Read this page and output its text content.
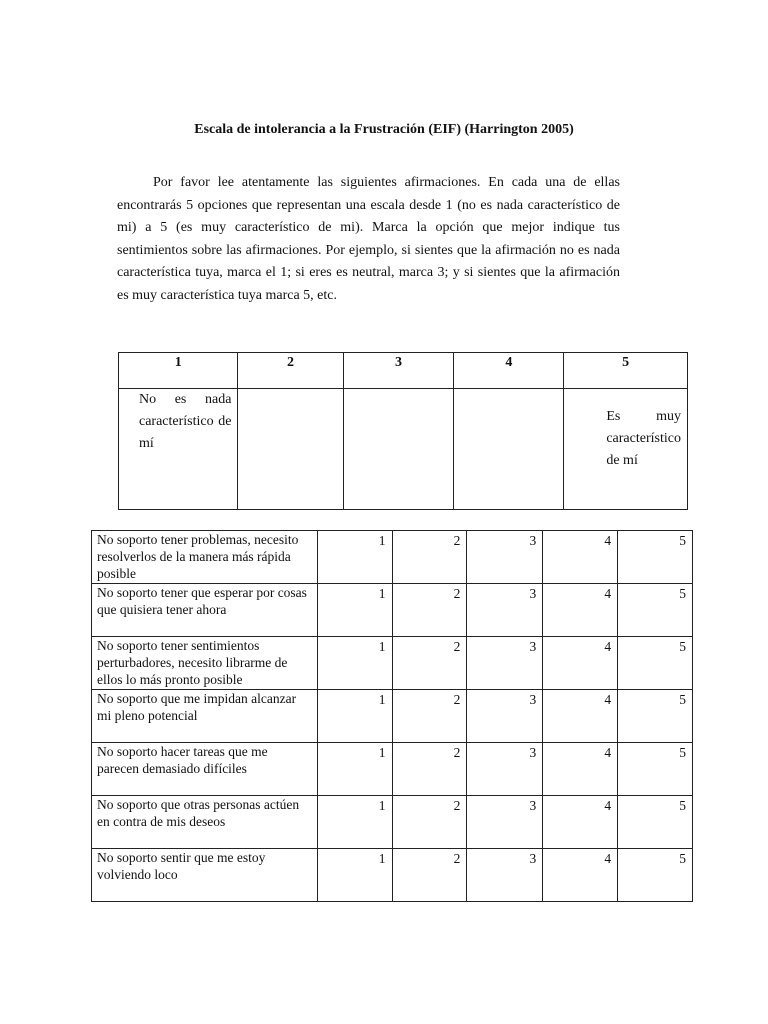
Escala de intolerancia a la Frustración (EIF) (Harrington 2005)

Por favor lee atentamente las siguientes afirmaciones. En cada una de ellas encontrarás 5 opciones que representan una escala desde 1 (no es nada característico de mi) a 5 (es muy característico de mi). Marca la opción que mejor indique tus sentimientos sobre las afirmaciones. Por ejemplo, si sientes que la afirmación no es nada característica tuya, marca el 1; si eres es neutral, marca 3; y si sientes que la afirmación es muy característica tuya marca 5, etc.

1	2	3	4	5

No es nada característico de mí				Es muy característico de mí
No soporto tener problemas, necesito resolverlos de la manera más rápida posible	1	2	3	4	5
No soporto tener que esperar por cosas que quisiera tener ahora	1	2	3	4	5
No soporto tener sentimientos perturbadores, necesito librarme de ellos lo más pronto posible	1	2	3	4	5
No soporto que me impidan alcanzar mi pleno potencial	1	2	3	4	5
No soporto hacer tareas que me parecen demasiado difíciles	1	2	3	4	5
No soporto que otras personas actúen en contra de mis deseos	1	2	3	4	5
No soporto sentir que me estoy volviendo loco	1	2	3	4	5
